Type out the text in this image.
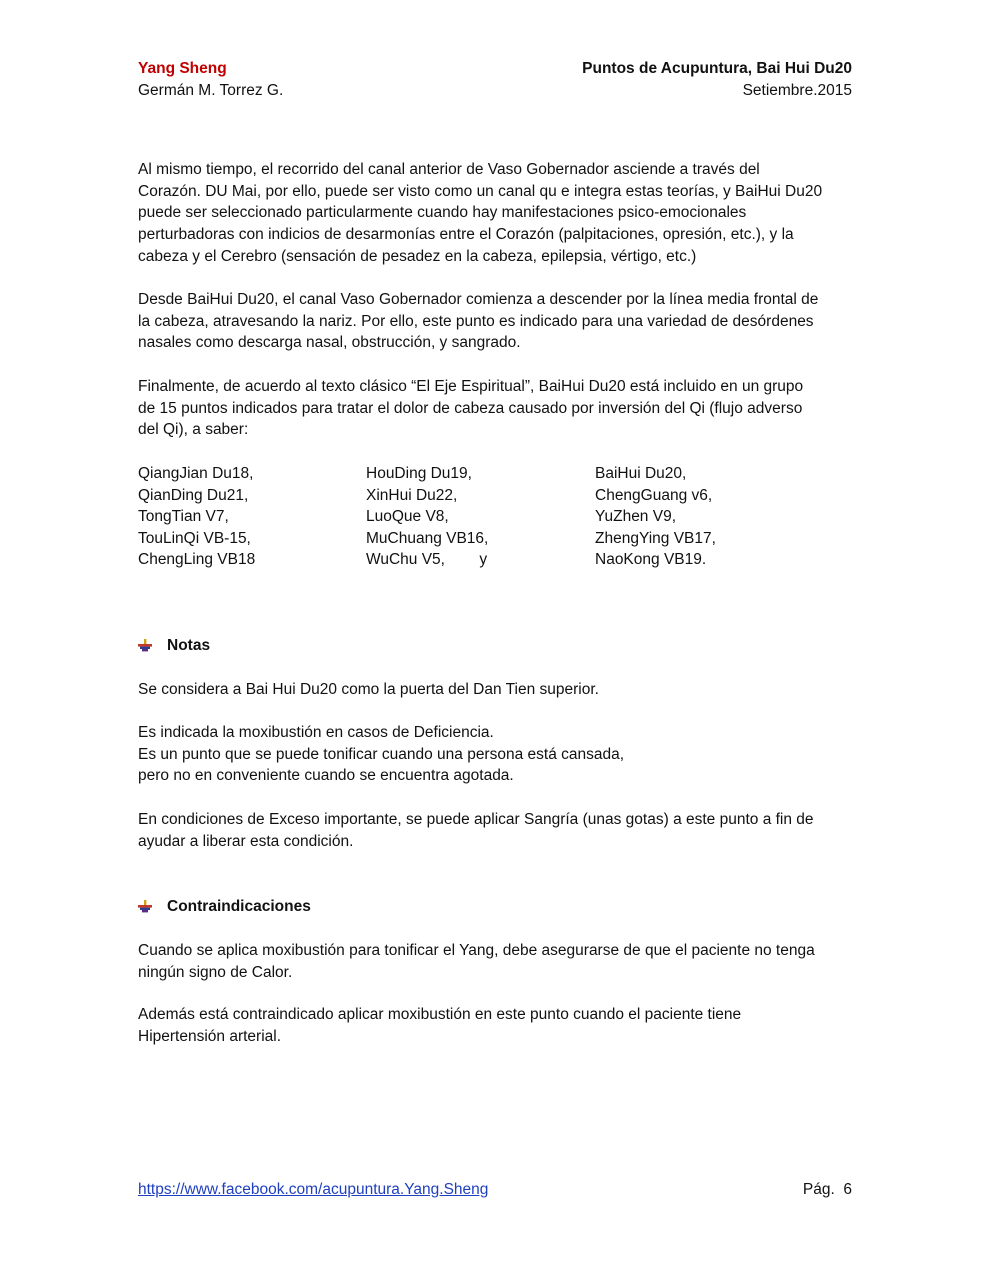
Yang Sheng
Germán M. Torrez G.
Puntos de Acupuntura, Bai Hui Du20
Setiembre.2015
Al mismo tiempo, el recorrido del canal anterior de Vaso Gobernador asciende a través del
Corazón. DU Mai, por ello, puede ser visto como un canal qu e integra estas teorías, y BaiHui Du20
puede ser seleccionado particularmente cuando hay manifestaciones psico-emocionales
perturbadoras con indicios de desarmonías entre el Corazón (palpitaciones, opresión, etc.), y la
cabeza y el Cerebro (sensación de pesadez en la cabeza, epilepsia, vértigo, etc.)
Desde BaiHui Du20, el canal Vaso Gobernador comienza a descender por la línea media frontal de
la cabeza, atravesando la nariz. Por ello, este punto es indicado para una variedad de desórdenes
nasales como descarga nasal, obstrucción, y sangrado.
Finalmente, de acuerdo al texto clásico “El Eje Espiritual”, BaiHui Du20 está incluido en un grupo
de 15 puntos indicados para tratar el dolor de cabeza causado por inversión del Qi (flujo adverso
del Qi), a saber:
QiangJian Du18,	HouDing Du19,	BaiHui Du20,
QianDing Du21,	XinHui Du22,	ChengGuang v6,
TongTian V7,	LuoQue V8,	YuZhen V9,
TouLinQi VB-15,	MuChuang VB16,	ZhengYing VB17,
ChengLing VB18	WuChu V5,        y	NaoKong VB19.
Notas
Se considera a Bai Hui Du20 como la puerta del Dan Tien superior.
Es indicada la moxibustión en casos de Deficiencia.
Es un punto que se puede tonificar cuando una persona está cansada,
pero no en conveniente cuando se encuentra agotada.
En condiciones de Exceso importante, se puede aplicar Sangría (unas gotas) a este punto a fin de
ayudar a liberar esta condición.
Contraindicaciones
Cuando se aplica moxibustión para tonificar el Yang, debe asegurarse de que el paciente no tenga
ningún signo de Calor.
Además está contraindicado aplicar moxibustión en este punto cuando el paciente tiene
Hipertensión arterial.
https://www.facebook.com/acupuntura.Yang.Sheng	Pág.  6
